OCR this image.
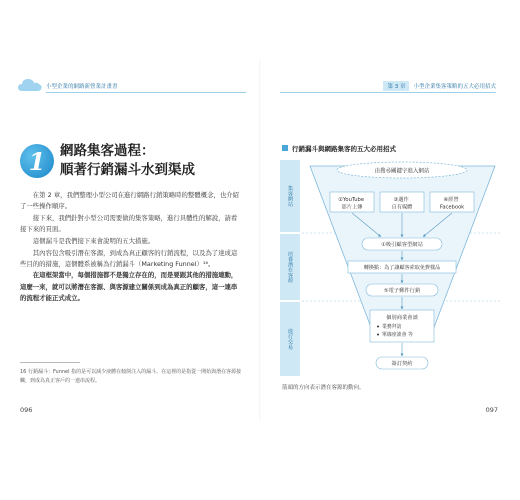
小型企業的網路新營業計畫書
1 網路集客過程：
順著行銷漏斗水到渠成

在第 2 章，我們整理小型公司在進行網路行銷策略時的整體概念，也介紹了一些操作順序。

接下來，我們針對小型公司需要做的集客策略，進行具體性的解說，請看接下來的頁面。

這個漏斗是我們接下來會說明的五大措施。

其內容包含吸引潛在客源，到成為真正顧客的行銷流程，以及為了達成這些目的的措施，這個體系被稱為行銷漏斗（Marketing Funnel）¹⁶。

在這框架當中，每個措施都不是獨立存在的，而是要跟其他的措施連動，這麼一來，就可以將潛在客源、與客源建立關係到成為真正的顧客，這一連串的流程才能正式成立。

16 行銷漏斗：Funnel 指的是可以減少液體在傾倒注入的漏斗。在這裡的是指從一開始與潛在客源接觸，到成為真正客戶的一連串流程。
096
第 3 章	小型企業集客策略的五大必用招式
行銷漏斗與網路集客的五大必用招式
集客網站
培養潛在客源
進行交易
由搜尋關鍵字進入網站
②YouTube 影片上傳
③邁作 自有媒體
④經營 Facebook
①吸引顧客型網站
轉換點：為了讓顧客索取免費樣品
⑤電子郵件行銷
個別商業會談
業務拜訪
單線座談會 等
簽訂契約
箭頭的方向表示潛在客源的動向。
097
